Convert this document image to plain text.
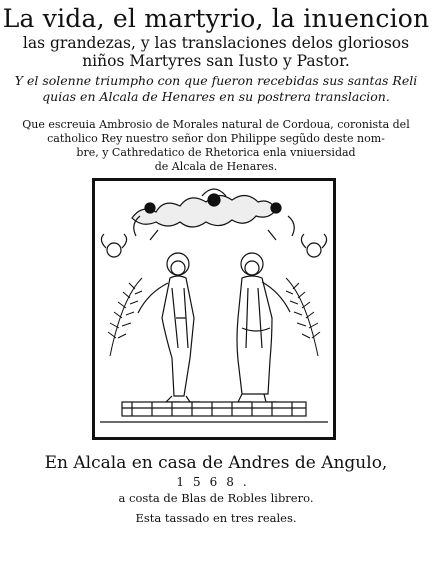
La vida, el martyrio, la inuencion
las grandezas, y las translaciones delos gloriosos
niños Martyres san Iusto y Pastor.
Y el solenne triumpho con que fueron recebidas sus santas Reli
quias en Alcala de Henares en su postrera translacion.
Que escreuia Ambrosio de Morales natural de Cordoua, coronista del
catholico Rey nuestro señor don Philippe segũdo deste nom-
bre, y Cathredatico de Rhetorica enla vniuersidad
de Alcala de Henares.
En Alcala en casa de Andres de Angulo,
1568.
a costa de Blas de Robles librero.
Esta tassado en tres reales.
